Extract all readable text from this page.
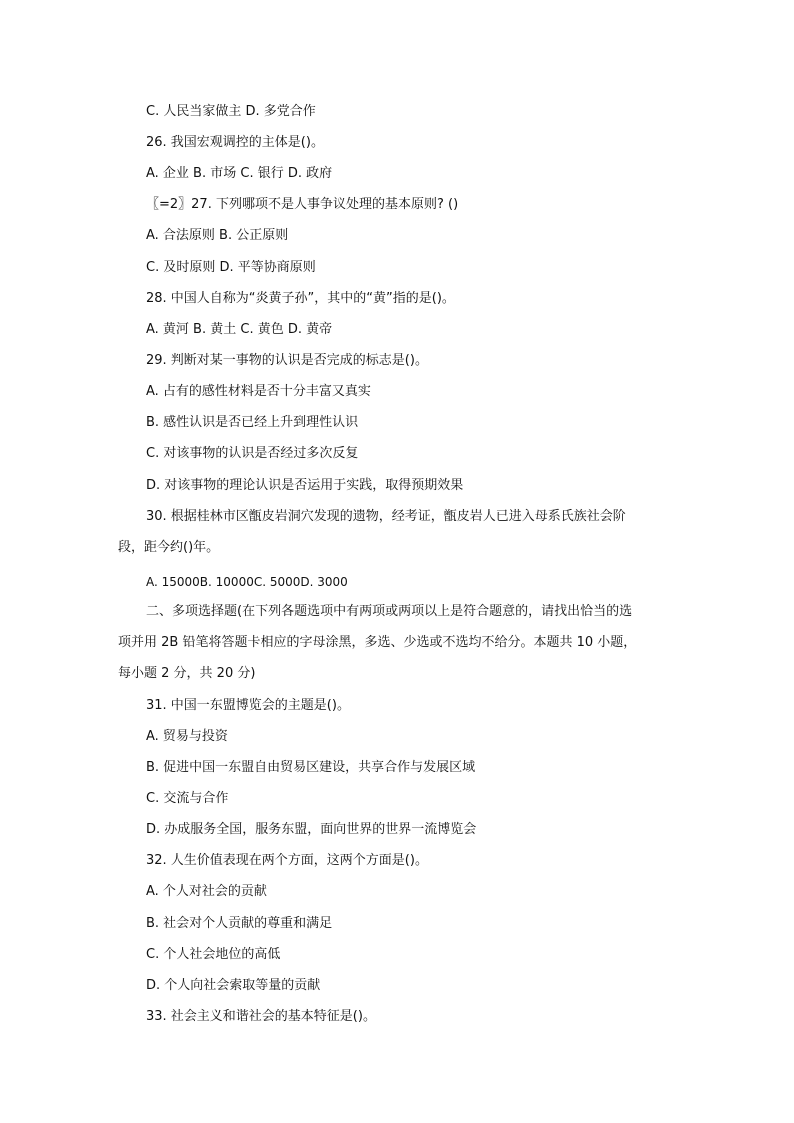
C. 人民当家做主 D. 多党合作
26. 我国宏观调控的主体是()。
A. 企业 B. 市场 C. 银行 D. 政府
〖=2〗27. 下列哪项不是人事争议处理的基本原则? ()
A. 合法原则 B. 公正原则
C. 及时原则 D. 平等协商原则
28. 中国人自称为“炎黄子孙”，其中的“黄”指的是()。
A. 黄河 B. 黄土 C. 黄色 D. 黄帝
29. 判断对某一事物的认识是否完成的标志是()。
A. 占有的感性材料是否十分丰富又真实
B. 感性认识是否已经上升到理性认识
C. 对该事物的认识是否经过多次反复
D. 对该事物的理论认识是否运用于实践，取得预期效果
30. 根据桂林市区甑皮岩洞穴发现的遗物，经考证，甑皮岩人已进入母系氏族社会阶
段，距今约()年。
A. 15000B. 10000C. 5000D. 3000
二、多项选择题(在下列各题选项中有两项或两项以上是符合题意的，请找出恰当的选
项并用 2B 铅笔将答题卡相应的字母涂黑，多选、少选或不选均不给分。本题共 10 小题，
每小题 2 分，共 20 分)
31. 中国一东盟博览会的主题是()。
A. 贸易与投资
B. 促进中国一东盟自由贸易区建设，共享合作与发展区域
C. 交流与合作
D. 办成服务全国，服务东盟，面向世界的世界一流博览会
32. 人生价值表现在两个方面，这两个方面是()。
A. 个人对社会的贡献
B. 社会对个人贡献的尊重和满足
C. 个人社会地位的高低
D. 个人向社会索取等量的贡献
33. 社会主义和谐社会的基本特征是()。
